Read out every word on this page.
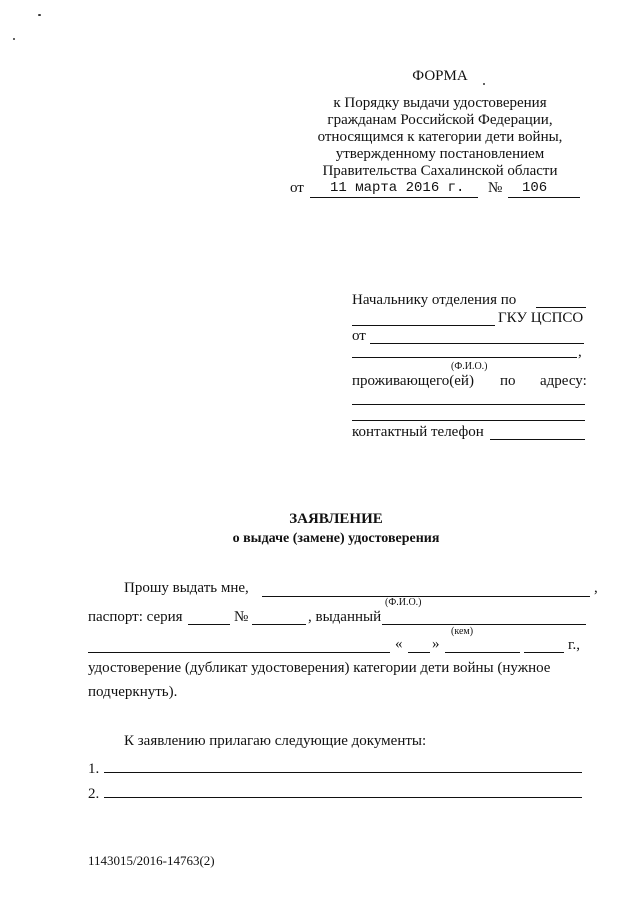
ФОРМА
к Порядку выдачи удостоверения
гражданам Российской Федерации,
относящимся к категории дети войны,
утвержденному постановлением
Правительства Сахалинской области
от 11 марта 2016 г. № 106
Начальнику отделения по
ГКУ ЦСПСО
от
,
(Ф.И.О.)
проживающего(ей) по адресу:
контактный телефон
ЗАЯВЛЕНИЕ
о выдаче (замене) удостоверения
Прошу выдать мне,	,
(Ф.И.О.)
паспорт: серия	№	, выданный
(кем)
« »	г.,
удостоверение (дубликат удостоверения) категории дети войны (нужное
подчеркнуть).
К заявлению прилагаю следующие документы:
1.
2.
1143015/2016-14763(2)
